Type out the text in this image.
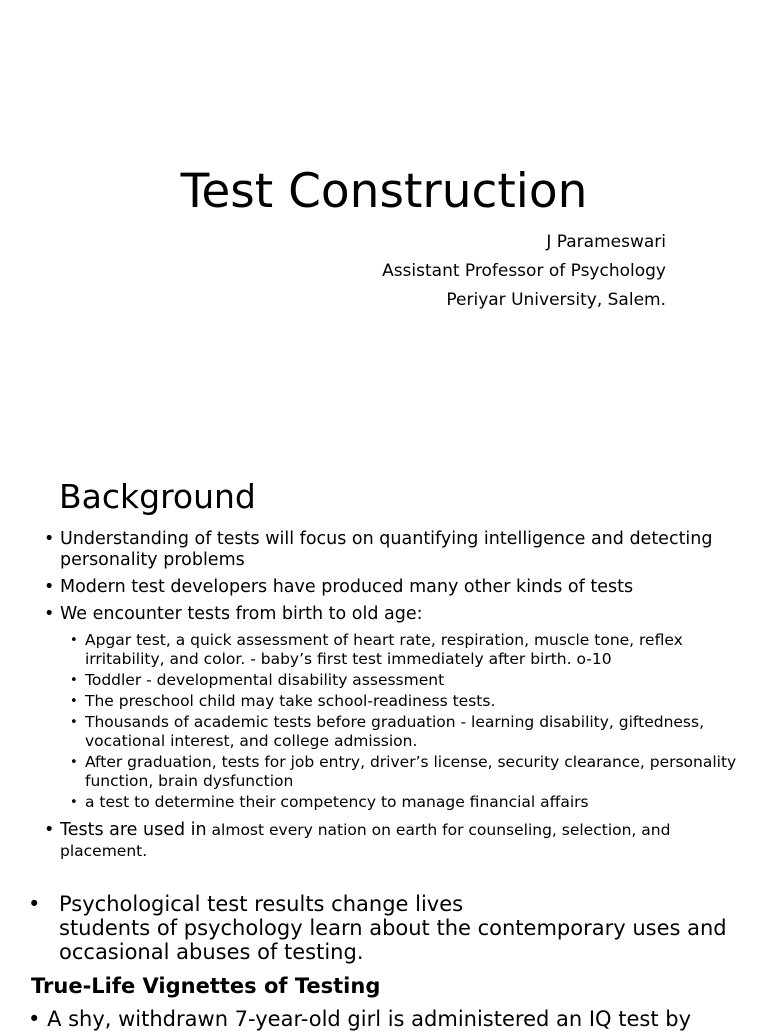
Test Construction
J Parameswari
Assistant Professor of Psychology
Periyar University, Salem.
Background
• Understanding of tests will focus on quantifying intelligence and detecting personality problems
• Modern test developers have produced many other kinds of tests
• We encounter tests from birth to old age:
• Apgar test, a quick assessment of heart rate, respiration, muscle tone, reflex irritability, and color. - baby’s first test immediately after birth. o-10
• Toddler - developmental disability assessment
• The preschool child may take school-readiness tests.
• Thousands of academic tests before graduation - learning disability, giftedness, vocational interest, and college admission.
• After graduation, tests for job entry, driver’s license, security clearance, personality function, brain dysfunction
• a test to determine their competency to manage financial affairs
• Tests are used in almost every nation on earth for counseling, selection, and placement.
• Psychological test results change lives
students of psychology learn about the contemporary uses and occasional abuses of testing.
True-Life Vignettes of Testing
• A shy, withdrawn 7-year-old girl is administered an IQ test by
